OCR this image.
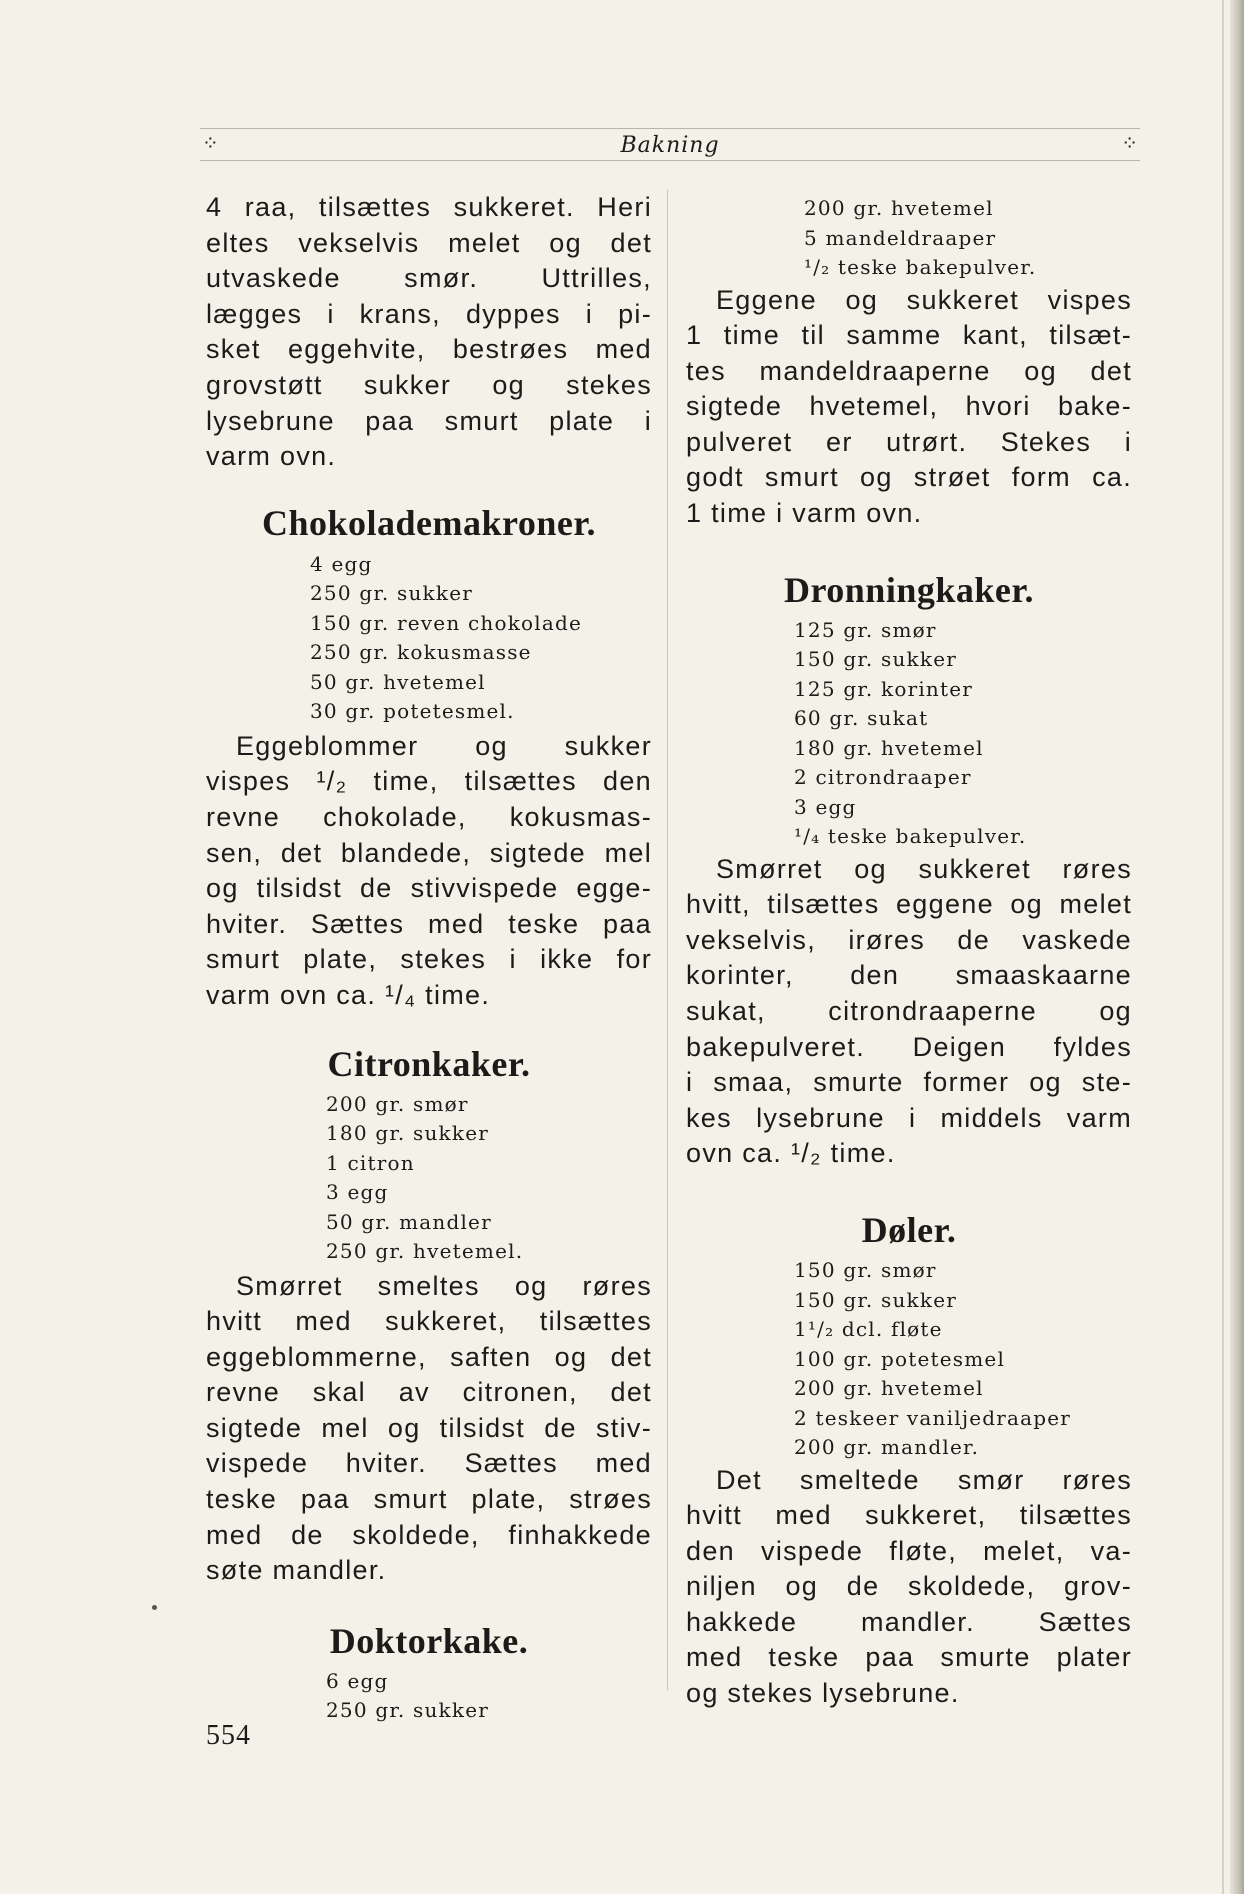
⁘	Bakning	⁘

4 raa, tilsættes sukkeret. Heri
eltes vekselvis melet og det
utvaskede smør. Uttrilles,
lægges i krans, dyppes i pi-
sket eggehvite, bestrøes med
grovstøtt sukker og stekes
lysebrune paa smurt plate i
varm ovn.

Chokolademakroner.
4 egg
250 gr. sukker
150 gr. reven chokolade
250 gr. kokusmasse
50 gr. hvetemel
30 gr. potetesmel.

Eggeblommer og sukker
vispes ¹/₂ time, tilsættes den
revne chokolade, kokusmas-
sen, det blandede, sigtede mel
og tilsidst de stivvispede egge-
hviter. Sættes med teske paa
smurt plate, stekes i ikke for
varm ovn ca. ¹/₄ time.

Citronkaker.
200 gr. smør
180 gr. sukker
1 citron
3 egg
50 gr. mandler
250 gr. hvetemel.

Smørret smeltes og røres
hvitt med sukkeret, tilsættes
eggeblommerne, saften og det
revne skal av citronen, det
sigtede mel og tilsidst de stiv-
vispede hviter. Sættes med
teske paa smurt plate, strøes
med de skoldede, finhakkede
søte mandler.

Doktorkake.
6 egg
250 gr. sukker
200 gr. hvetemel
5 mandeldraaper
¹/₂ teske bakepulver.

Eggene og sukkeret vispes
1 time til samme kant, tilsæt-
tes mandeldraaperne og det
sigtede hvetemel, hvori bake-
pulveret er utrørt. Stekes i
godt smurt og strøet form ca.
1 time i varm ovn.

Dronningkaker.
125 gr. smør
150 gr. sukker
125 gr. korinter
60 gr. sukat
180 gr. hvetemel
2 citrondraaper
3 egg
¹/₄ teske bakepulver.

Smørret og sukkeret røres
hvitt, tilsættes eggene og melet
vekselvis, irøres de vaskede
korinter, den smaaskaarne
sukat, citrondraaperne og
bakepulveret. Deigen fyldes
i smaa, smurte former og ste-
kes lysebrune i middels varm
ovn ca. ¹/₂ time.

Døler.
150 gr. smør
150 gr. sukker
1¹/₂ dcl. fløte
100 gr. potetesmel
200 gr. hvetemel
2 teskeer vaniljedraaper
200 gr. mandler.

Det smeltede smør røres
hvitt med sukkeret, tilsættes
den vispede fløte, melet, va-
niljen og de skoldede, grov-
hakkede mandler. Sættes
med teske paa smurte plater
og stekes lysebrune.

554
